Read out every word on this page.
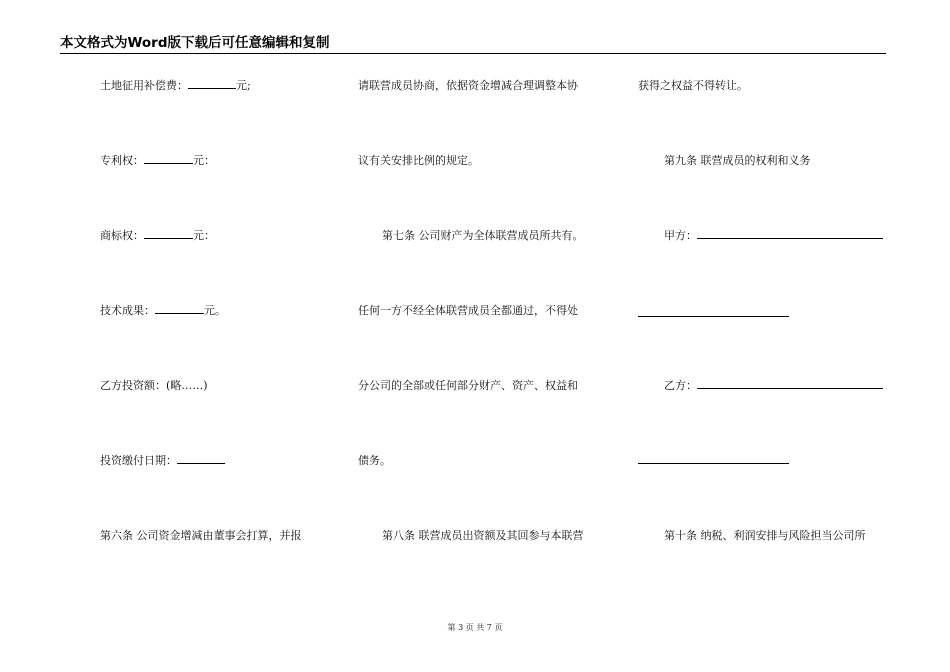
本文格式为Word版下载后可任意编辑和复制
土地征用补偿费：	元;
专利权：	元：
商标权：	元：
技术成果：	元。
乙方投资额：(略……)
投资缴付日期：
第六条 公司资金增减由董事会打算，并报
请联营成员协商，依据资金增减合理调整本协
议有关安排比例的规定。
第七条 公司财产为全体联营成员所共有。
任何一方不经全体联营成员全都通过，不得处
分公司的全部或任何部分财产、资产、权益和
债务。
第八条 联营成员出资额及其回参与本联营
获得之权益不得转让。
第九条 联营成员的权利和义务
甲方：
乙方：
第十条 纳税、利润安排与风险担当公司所
第 3 页 共 7 页
